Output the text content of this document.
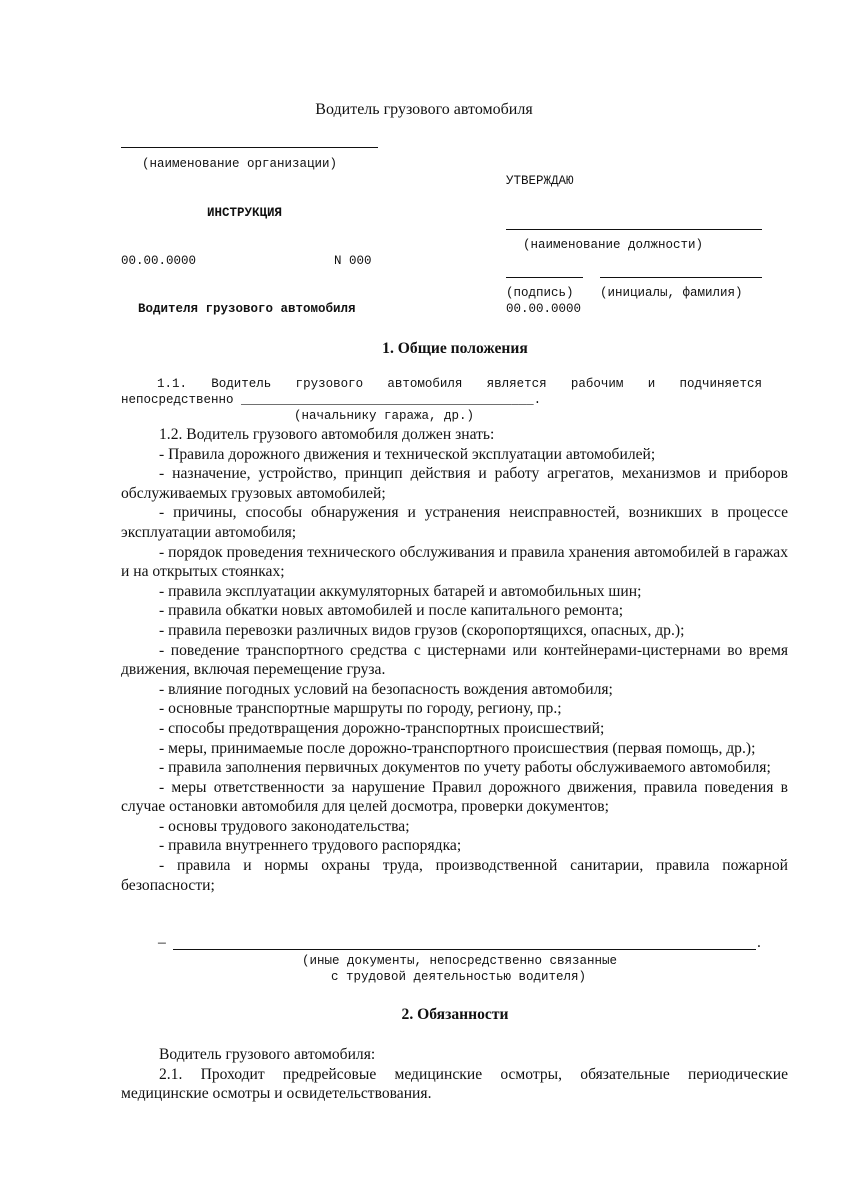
Водитель грузового автомобиля
(наименование организации)
УТВЕРЖДАЮ
ИНСТРУКЦИЯ
(наименование должности)
00.00.0000	N 000
(подпись) (инициалы, фамилия)
Водителя грузового автомобиля	00.00.0000
1. Общие положения
1.1. Водитель грузового автомобиля является рабочим и подчиняется
непосредственно _______________________________________.
(начальнику гаража, др.)

1.2. Водитель грузового автомобиля должен знать:

- Правила дорожного движения и технической эксплуатации автомобилей;

- назначение, устройство, принцип действия и работу агрегатов, механизмов и приборов обслуживаемых грузовых автомобилей;

- причины, способы обнаружения и устранения неисправностей, возникших в процессе эксплуатации автомобиля;

- порядок проведения технического обслуживания и правила хранения автомобилей в гаражах и на открытых стоянках;

- правила эксплуатации аккумуляторных батарей и автомобильных шин;

- правила обкатки новых автомобилей и после капитального ремонта;

- правила перевозки различных видов грузов (скоропортящихся, опасных, др.);

- поведение транспортного средства с цистернами или контейнерами-цистернами во время движения, включая перемещение груза.

- влияние погодных условий на безопасность вождения автомобиля;

- основные транспортные маршруты по городу, региону, пр.;

- способы предотвращения дорожно-транспортных происшествий;

- меры, принимаемые после дорожно-транспортного происшествия (первая помощь, др.);

- правила заполнения первичных документов по учету работы обслуживаемого автомобиля;

- меры ответственности за нарушение Правил дорожного движения, правила поведения в случае остановки автомобиля для целей досмотра, проверки документов;

- основы трудового законодательства;

- правила внутреннего трудового распорядка;

- правила и нормы охраны труда, производственной санитарии, правила пожарной безопасности;

–	.
(иные документы, непосредственно связанные
с трудовой деятельностью водителя)
2. Обязанности

Водитель грузового автомобиля:

2.1. Проходит предрейсовые медицинские осмотры, обязательные периодические медицинские осмотры и освидетельствования.
